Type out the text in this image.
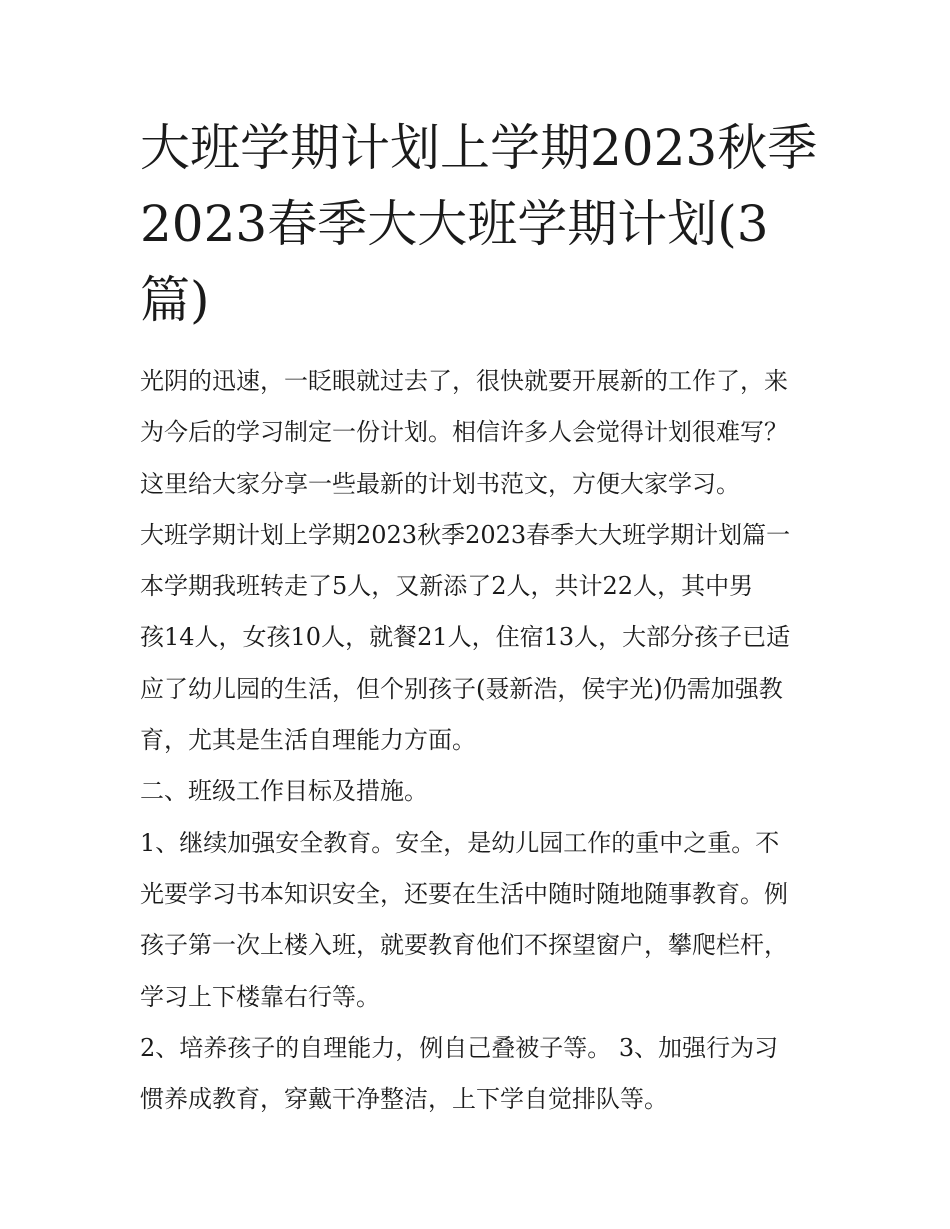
大班学期计划上学期2023秋季
2023春季大大班学期计划(3
篇)

光阴的迅速，一眨眼就过去了，很快就要开展新的工作了，来
为今后的学习制定一份计划。相信许多人会觉得计划很难写？
这里给大家分享一些最新的计划书范文，方便大家学习。

大班学期计划上学期2023秋季2023春季大大班学期计划篇一

本学期我班转走了5人，又新添了2人，共计22人，其中男
孩14人，女孩10人，就餐21人，住宿13人，大部分孩子已适
应了幼儿园的生活，但个别孩子(聂新浩，侯宇光)仍需加强教
育，尤其是生活自理能力方面。

二、班级工作目标及措施。

1、继续加强安全教育。安全，是幼儿园工作的重中之重。不
光要学习书本知识安全，还要在生活中随时随地随事教育。例
孩子第一次上楼入班，就要教育他们不探望窗户，攀爬栏杆，
学习上下楼靠右行等。

2、培养孩子的自理能力，例自己叠被子等。 3、加强行为习
惯养成教育，穿戴干净整洁，上下学自觉排队等。
